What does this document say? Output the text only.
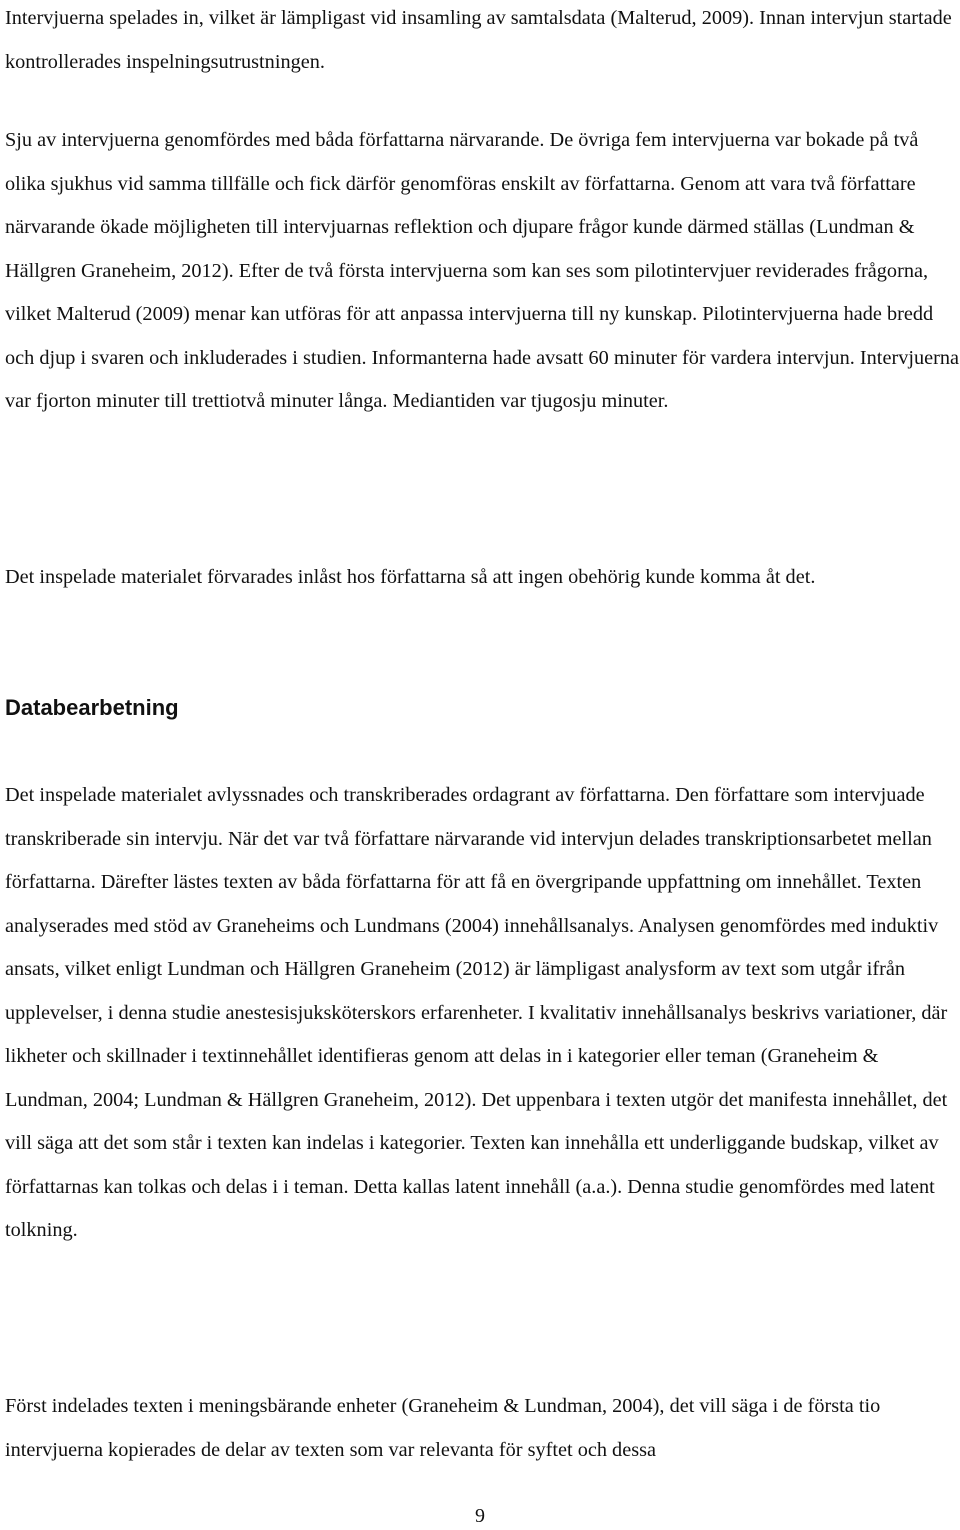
Intervjuerna spelades in, vilket är lämpligast vid insamling av samtalsdata (Malterud, 2009). Innan intervjun startade kontrollerades inspelningsutrustningen.

Sju av intervjuerna genomfördes med båda författarna närvarande. De övriga fem intervjuerna var bokade på två olika sjukhus vid samma tillfälle och fick därför genomföras enskilt av författarna. Genom att vara två författare närvarande ökade möjligheten till intervjuarnas reflektion och djupare frågor kunde därmed ställas (Lundman & Hällgren Graneheim, 2012). Efter de två första intervjuerna som kan ses som pilotintervjuer reviderades frågorna, vilket Malterud (2009) menar kan utföras för att anpassa intervjuerna till ny kunskap. Pilotintervjuerna hade bredd och djup i svaren och inkluderades i studien. Informanterna hade avsatt 60 minuter för vardera intervjun. Intervjuerna var fjorton minuter till trettiotvå minuter långa. Mediantiden var tjugosju minuter.

Det inspelade materialet förvarades inlåst hos författarna så att ingen obehörig kunde komma åt det.

Databearbetning

Det inspelade materialet avlyssnades och transkriberades ordagrant av författarna. Den författare som intervjuade transkriberade sin intervju. När det var två författare närvarande vid intervjun delades transkriptionsarbetet mellan författarna. Därefter lästes texten av båda författarna för att få en övergripande uppfattning om innehållet. Texten analyserades med stöd av Graneheims och Lundmans (2004) innehållsanalys. Analysen genomfördes med induktiv ansats, vilket enligt Lundman och Hällgren Graneheim (2012) är lämpligast analysform av text som utgår ifrån upplevelser, i denna studie anestesisjuksköterskors erfarenheter. I kvalitativ innehållsanalys beskrivs variationer, där likheter och skillnader i textinnehållet identifieras genom att delas in i kategorier eller teman (Graneheim & Lundman, 2004; Lundman & Hällgren Graneheim, 2012). Det uppenbara i texten utgör det manifesta innehållet, det vill säga att det som står i texten kan indelas i kategorier. Texten kan innehålla ett underliggande budskap, vilket av författarnas kan tolkas och delas i i teman. Detta kallas latent innehåll (a.a.). Denna studie genomfördes med latent tolkning.

Först indelades texten i meningsbärande enheter (Graneheim & Lundman, 2004), det vill säga i de första tio intervjuerna kopierades de delar av texten som var relevanta för syftet och dessa

9
